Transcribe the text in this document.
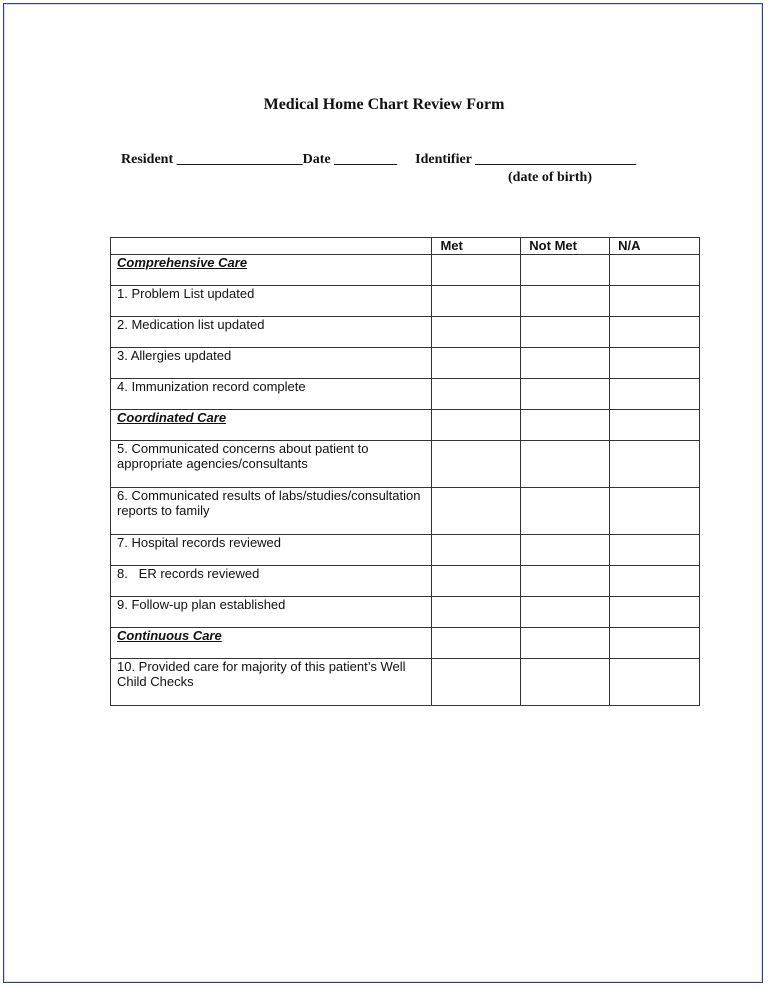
Medical Home Chart Review Form
Resident __________________Date _________ Identifier _______________________
(date of birth)
	Met	Not Met	N/A
Comprehensive Care			
1. Problem List updated			
2. Medication list updated			
3. Allergies updated			
4. Immunization record complete			
Coordinated Care			
5. Communicated concerns about patient to appropriate agencies/consultants			
6. Communicated results of labs/studies/consultation reports to family			
7. Hospital records reviewed			
8.   ER records reviewed			
9. Follow-up plan established			
Continuous Care			
10. Provided care for majority of this patient’s Well Child Checks			
